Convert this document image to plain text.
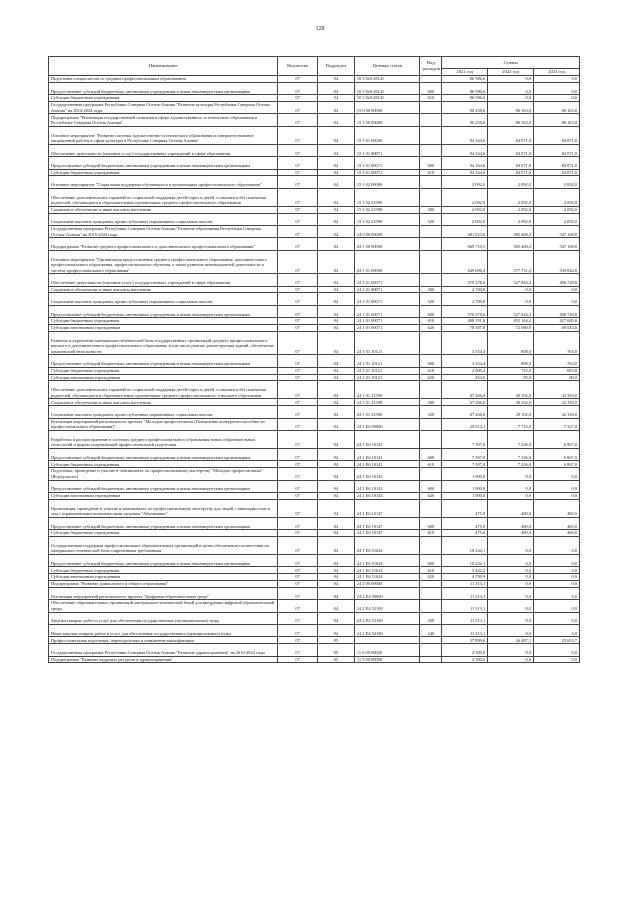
128
Наименование	Ведомство	Подраздел	Целевая статья	Вид расходов	Суммы		
					2021 год	2022 год	2023 год
Подготовка специалистов со средним профессиональным образованием	07	04	10 3 №9 28141		86 586,6	0,0	0,0
Предоставление субсидий бюджетным, автономным учреждениям и иным некоммерческим организациям	07	04	10 3 №9 28141	600	86 586,6	0,0	0,0
Субсидии бюджетным учреждениям	07	04	10 3 №9 28141	610	86 586,6	0,0	0,0
Государственная программа Республики Северная Осетия-Алания "Развитие культуры Республики Северная Осетия-Алания" на 2014-2024 годы	07	04	15 0 00 00000		98 258,6	86 163,0	86 163,0
Подпрограмма "Реализация государственной политики в сфере художественного эстетического образования в Республике Северная Осетия-Алания"	07	04	15 1 00 00000		96 256,6	86 163,0	86 163,0
Основное мероприятие "Развитие системы художественно-эстетического образования и совершенствование направлений работы в сфере культуры в Республике Северная Осетия-Алания"	07	04	15 1 01 00000		94 164,6	84 071,0	84 071,0
Обеспечение деятельности (оказание услуг) государственных учреждений в сфере образования	07	04	15 1 01 00071		94 164,6	84 071,0	84 071,0
Предоставление субсидий бюджетным, автономным учреждениям и иным некоммерческим организациям	07	04	15 1 01 00071	600	94 164,6	84 071,0	84 071,0
Субсидии бюджетным учреждениям	07	04	15 1 01 00071	610	94 164,6	84 071,0	84 071,0
Основное мероприятие "Социальная поддержка обучающихся в организациях профессионального образования"	07	04	15 1 02 00000		2 092,0	2 092,0	2 092,0
Обеспечение дополнительных гарантий по социальной поддержке детей-сирот и детей, оставшихся без попечения родителей, обучающихся в образовательных организациях среднего профессионального образования	07	04	15 1 02 21990		2 092,0	2 092,0	2 092,0
Социальное обеспечение и иные выплаты населению	07	04	15 1 02 21990	300	2 092,0	2 092,0	2 092,0
Социальные выплаты гражданам, кроме публичных нормативных социальных выплат	07	04	15 1 02 21990	320	2 092,0	2 092,0	2 092,0
Государственная программа Республики Северная Осетия-Алания "Развитие образования Республики Северная Осетия-Алания" на 2016-2024 годы	07	04	24 0 00 00000		681 023,6	585 468,2	547 168,8
Подпрограмма "Развитие среднего профессионального и дополнительного профессионального образования"	07	04	24 1 00 00000		669 710,5	585 468,2	547 168,8
Основное мероприятие "Организация предоставления среднего профессионального образования, дополнительного профессионального образования, профессионального обучения, а также развитие инновационной деятельности в системе профессионального образования"	07	04	24 1 01 00000		649 696,4	577 731,2	539 842,8
Обеспечение деятельности (оказание услуг) государственных учреждений в сфере образования	07	04	24 1 01 00071		579 278,6	527 844,2	496 728,8
Социальное обеспечение и иные выплаты населению	07	04	24 1 01 00071	300	2 700,0	0,0	0,0
Социальные выплаты гражданам, кроме публичных нормативных социальных выплат	07	04	24 1 01 00071	320	2 700,0	0,0	0,0
Предоставление субсидий бюджетным, автономным учреждениям и иным некоммерческим организациям	07	04	24 1 01 00071	600	576 578,6	527 844,2	496 728,8
Субсидии бюджетным учреждениям	07	04	24 1 01 00071	610	498 191,6	455 164,2	427 685,8
Субсидии автономным учреждениям	07	04	24 1 01 00071	620	78 387,0	72 680,0	69 043,0
Развитие и укрепление материально-технической базы государственных организаций среднего профессионального, высшего и дополнительного профессионального образования, в том числе ремонт, реконструкция зданий, обеспечение комплексной безопасности	07	04	24 1 01 10121		3 354,4	808,0	763,0
Предоставление субсидий бюджетным, автономным учреждениям и иным некоммерческим организациям	07	04	24 1 01 10121	600	3 354,4	808,0	763,0
Субсидии бюджетным учреждениям	07	04	24 1 01 10121	610	2 900,4	723,0	683,0
Субсидии автономным учреждениям	07	04	24 1 01 10121	620	454,0	85,0	80,0
Обеспечение дополнительных гарантий по социальной поддержке детей-сирот и детей, оставшихся без попечения родителей, обучающихся в образовательных организациях среднего профессионального и высшего образования	07	04	24 1 01 21590		67 266,0	49 102,0	42 350,0
Социальное обеспечение и иные выплаты населению	07	04	24 1 01 21590	300	67 266,0	49 102,0	42 350,0
Социальные выплаты гражданам, кроме публичных нормативных социальных выплат	07	04	24 1 01 21590	320	67 266,0	49 102,0	42 350,0
Реализация мероприятий регионального проекта "Молодые профессионалы (Повышение конкурентоспособности профессионального образования)"	07	04	24 1 E6 00000		20 014,1	7 716,0	7 327,0
Разработка и распространение в системах среднего профессионального образования новых образовательных технологий и формы опережающей профессиональной подготовки	07	04	24 1 E6 10141		7 397,0	7 236,0	6 867,0
Предоставление субсидий бюджетным, автономным учреждениям и иным некоммерческим организациям	07	04	24 1 E6 10141	600	7 397,0	7 236,0	6 867,0
Субсидии бюджетным учреждениям	07	04	24 1 E6 10141	610	7 397,0	7 236,0	6 867,0
Подготовка, проведение и участие в чемпионатах по профессиональному мастерству "Молодые профессионалы" (Ворлдскиллс)	07	04	24 1 E6 10143		1 900,0	0,0	0,0
Предоставление субсидий бюджетным, автономным учреждениям и иным некоммерческим организациям	07	04	24 1 E6 10143	600	1 900,0	0,0	0,0
Субсидии автономным учреждениям	07	04	24 1 E6 10143	620	1 900,0	0,0	0,0
Организация, проведение и участие в чемпионатах по профессиональному мастерству для людей с инвалидностью и лиц с ограниченными возможностями здоровья "Абилимпикс"	07	04	24 1 E6 10147		475,0	480,0	460,0
Предоставление субсидий бюджетным, автономным учреждениям и иным некоммерческим организациям	07	04	24 1 E6 10147	600	475,0	480,0	460,0
Субсидии бюджетным учреждениям	07	04	24 1 E6 10147	610	475,0	480,0	460,0
Государственная поддержка профессиональных образовательных организаций в целях обеспечения соответствия их материально-технической базы современным требованиям	07	04	24 1 E6 51624		10 242,1	0,0	0,0
Предоставление субсидий бюджетным, автономным учреждениям и иным некоммерческим организациям	07	04	24 1 E6 51624	600	10 242,1	0,0	0,0
Субсидии бюджетным учреждениям	07	04	24 1 E6 51624	610	5 442,2	0,0	0,0
Субсидии автономным учреждениям	07	04	24 1 E6 51624	620	4 799,9	0,0	0,0
Подпрограмма "Развитие дошкольного и общего образования"	07	04	24 2 00 00000		11 313,1	0,0	0,0
Реализация мероприятий регионального проекта "Цифровая образовательная среда"	07	04	24 2 E4 00000		11 313,1	0,0	0,0
Обеспечение образовательных организаций материально-технической базой для внедрения цифровой образовательной среды	07	04	24 2 E4 52100		11 313,1	0,0	0,0
Закупка товаров, работ и услуг для обеспечения государственных (муниципальных) нужд	07	04	24 2 E4 52100	200	11 313,1	0,0	0,0
Иные закупки товаров, работ и услуг для обеспечения государственных (муниципальных) нужд	07	04	24 2 E4 52100	240	11 313,1	0,0	0,0
Профессиональная подготовка, переподготовка и повышение квалификации	07	05			37 899,6	26 487,1	25 653,7
Государственная программа Республики Северная Осетия-Алания "Развитие здравоохранения" на 2016-2024 годы	07	05	11 0 00 00000		2 500,0	0,0	0,0
Подпрограмма "Развитие кадровых ресурсов в здравоохранении"	07	05	11 5 00 00000		2 500,0	0,0	0,0
